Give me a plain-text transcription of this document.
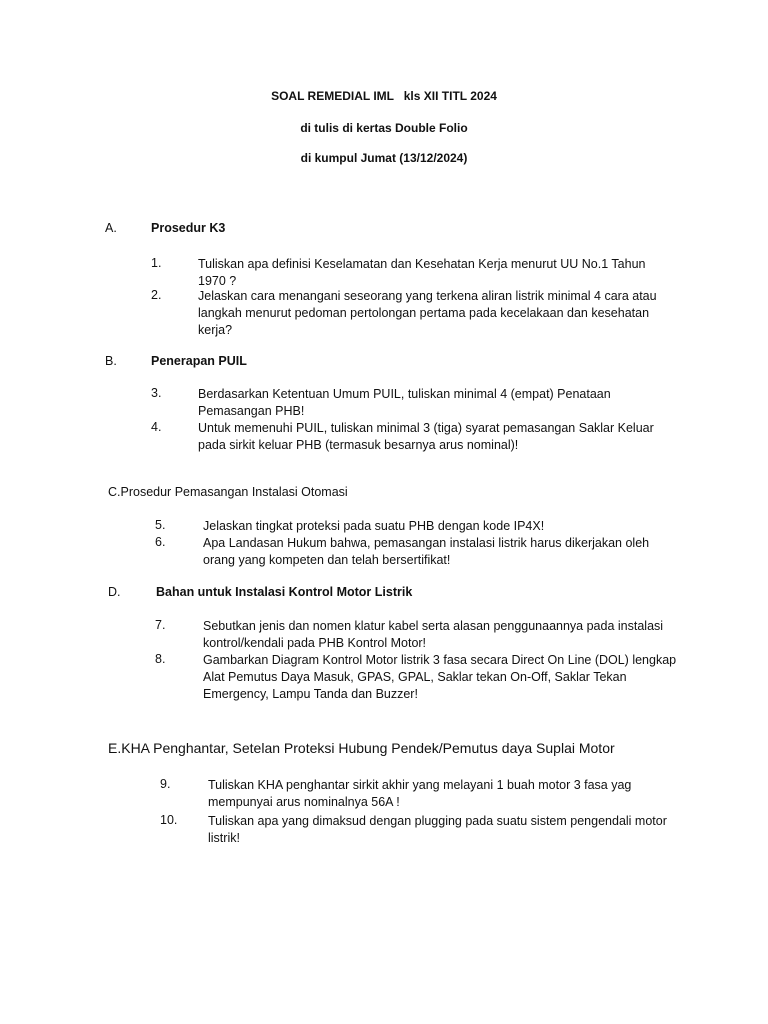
SOAL REMEDIAL IML   kls XII TITL 2024
di tulis di kertas Double Folio
di kumpul Jumat (13/12/2024)
A.	Prosedur K3
1.	Tuliskan apa definisi Keselamatan dan Kesehatan Kerja menurut UU No.1 Tahun
1970 ?
2.	Jelaskan cara menangani seseorang yang terkena aliran listrik minimal 4 cara atau
langkah menurut pedoman pertolongan pertama pada kecelakaan dan kesehatan
kerja?
B.	Penerapan PUIL
3.	Berdasarkan Ketentuan Umum PUIL, tuliskan minimal 4 (empat) Penataan
Pemasangan PHB!
4.	Untuk memenuhi PUIL, tuliskan minimal 3 (tiga) syarat pemasangan Saklar Keluar
pada sirkit keluar PHB (termasuk besarnya arus nominal)!
C.Prosedur Pemasangan Instalasi Otomasi
5.	Jelaskan tingkat proteksi pada suatu PHB dengan kode IP4X!
6.	Apa Landasan Hukum bahwa, pemasangan instalasi listrik harus dikerjakan oleh
orang yang kompeten dan telah bersertifikat!
D.	Bahan untuk Instalasi Kontrol Motor Listrik
7.	Sebutkan jenis dan nomen klatur kabel serta alasan penggunaannya pada instalasi
kontrol/kendali pada PHB Kontrol Motor!
8.	Gambarkan Diagram Kontrol Motor listrik 3 fasa secara Direct On Line (DOL) lengkap
Alat Pemutus Daya Masuk, GPAS, GPAL, Saklar tekan On-Off, Saklar Tekan
Emergency, Lampu Tanda dan Buzzer!
E.KHA Penghantar, Setelan Proteksi Hubung Pendek/Pemutus daya Suplai Motor
9.	Tuliskan KHA penghantar sirkit akhir yang melayani 1 buah motor 3 fasa yag
mempunyai arus nominalnya 56A !
10. Tuliskan apa yang dimaksud dengan plugging pada suatu sistem pengendali motor
listrik!
